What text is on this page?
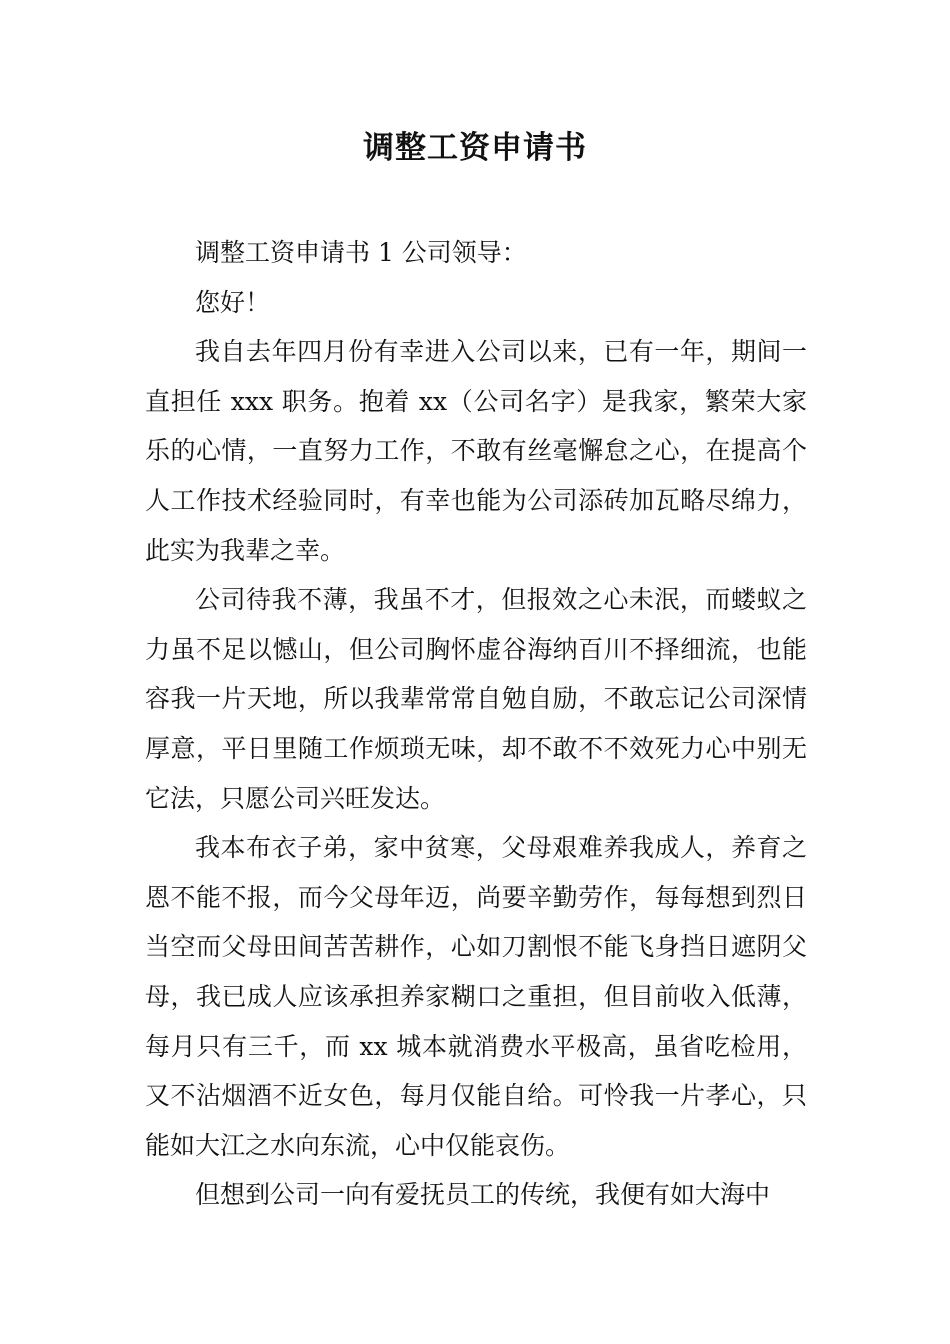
调整工资申请书

调整工资申请书 1 公司领导：

您好！

我自去年四月份有幸进入公司以来，已有一年，期间一直担任 xxx 职务。抱着 xx（公司名字）是我家，繁荣大家乐的心情，一直努力工作，不敢有丝毫懈怠之心，在提高个人工作技术经验同时，有幸也能为公司添砖加瓦略尽绵力，此实为我辈之幸。

公司待我不薄，我虽不才，但报效之心未泯，而蝼蚁之力虽不足以憾山，但公司胸怀虚谷海纳百川不择细流，也能容我一片天地，所以我辈常常自勉自励，不敢忘记公司深情厚意，平日里随工作烦琐无味，却不敢不不效死力心中别无它法，只愿公司兴旺发达。

我本布衣子弟，家中贫寒，父母艰难养我成人，养育之恩不能不报，而今父母年迈，尚要辛勤劳作，每每想到烈日当空而父母田间苦苦耕作，心如刀割恨不能飞身挡日遮阴父母，我已成人应该承担养家糊口之重担，但目前收入低薄，每月只有三千，而 xx 城本就消费水平极高，虽省吃检用，又不沾烟酒不近女色，每月仅能自给。可怜我一片孝心，只能如大江之水向东流，心中仅能哀伤。

但想到公司一向有爱抚员工的传统，我便有如大海中
